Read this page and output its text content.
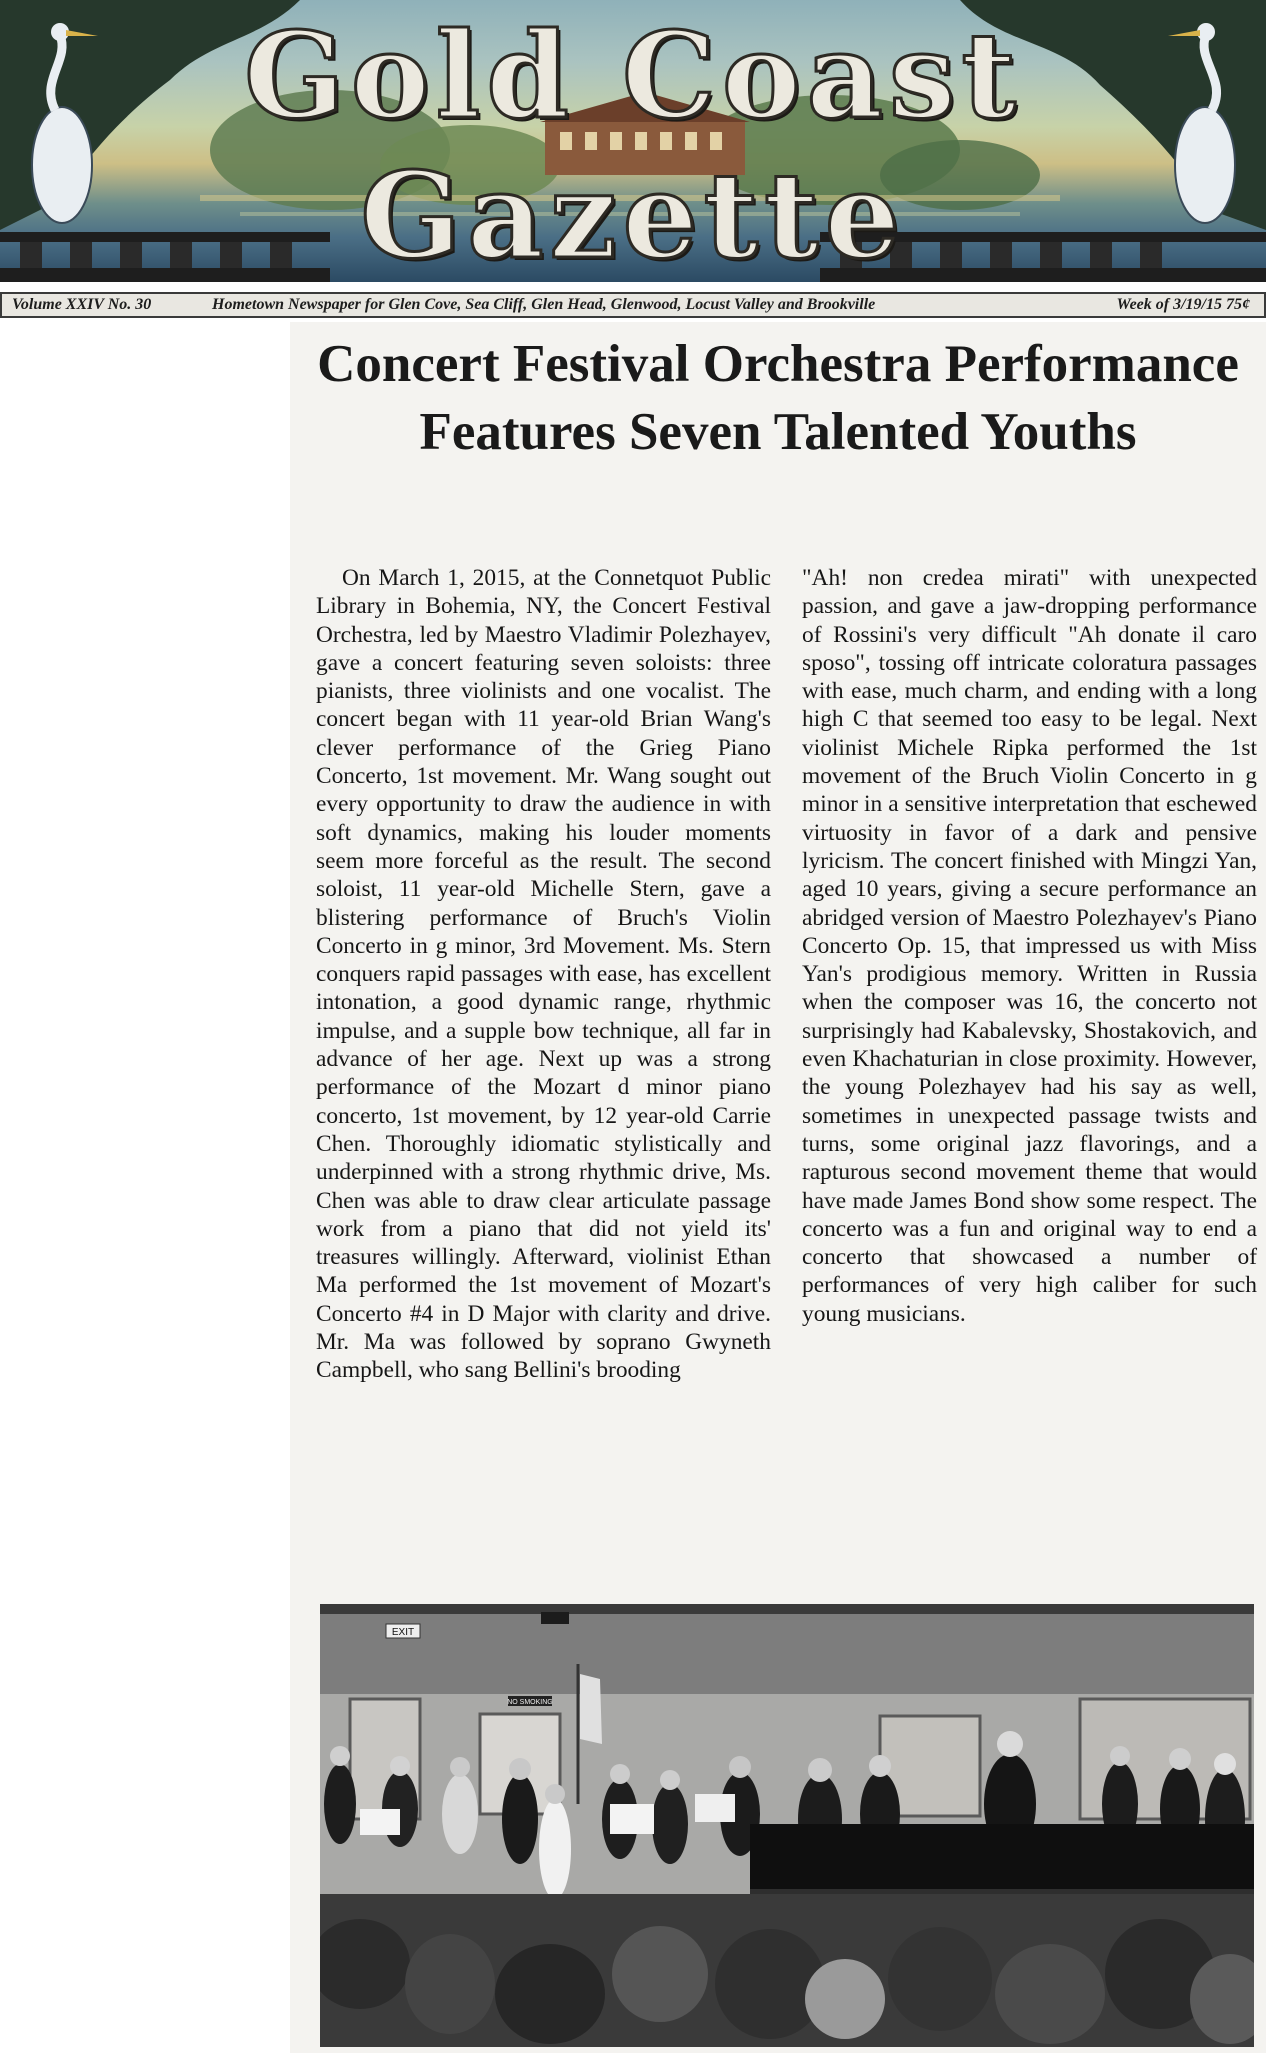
Gold Coast Gazette
Volume XXIV No. 30	Hometown Newspaper for Glen Cove, Sea Cliff, Glen Head, Glenwood, Locust Valley and Brookville	Week of 3/19/15 75¢
Concert Festival Orchestra Performance Features Seven Talented Youths
On March 1, 2015, at the Connetquot Public Library in Bohemia, NY, the Concert Festival Orchestra, led by Maestro Vladimir Polezhayev, gave a concert featuring seven soloists: three pianists, three violinists and one vocalist. The concert began with 11 year-old Brian Wang's clever performance of the Grieg Piano Concerto, 1st movement. Mr. Wang sought out every opportunity to draw the audience in with soft dynamics, making his louder moments seem more forceful as the result. The second soloist, 11 year-old Michelle Stern, gave a blistering performance of Bruch's Violin Concerto in g minor, 3rd Movement. Ms. Stern conquers rapid passages with ease, has excellent intonation, a good dynamic range, rhythmic impulse, and a supple bow technique, all far in advance of her age. Next up was a strong performance of the Mozart d minor piano concerto, 1st movement, by 12 year-old Carrie Chen. Thoroughly idiomatic stylistically and underpinned with a strong rhythmic drive, Ms. Chen was able to draw clear articulate passage work from a piano that did not yield its' treasures willingly. Afterward, violinist Ethan Ma performed the 1st movement of Mozart's Concerto #4 in D Major with clarity and drive. Mr. Ma was followed by soprano Gwyneth Campbell, who sang Bellini's brooding
"Ah! non credea mirati" with unexpected passion, and gave a jaw-dropping performance of Rossini's very difficult "Ah donate il caro sposo", tossing off intricate coloratura passages with ease, much charm, and ending with a long high C that seemed too easy to be legal. Next violinist Michele Ripka performed the 1st movement of the Bruch Violin Concerto in g minor in a sensitive interpretation that eschewed virtuosity in favor of a dark and pensive lyricism. The concert finished with Mingzi Yan, aged 10 years, giving a secure performance an abridged version of Maestro Polezhayev's Piano Concerto Op. 15, that impressed us with Miss Yan's prodigious memory. Written in Russia when the composer was 16, the concerto not surprisingly had Kabalevsky, Shostakovich, and even Khachaturian in close proximity. However, the young Polezhayev had his say as well, sometimes in unexpected passage twists and turns, some original jazz flavorings, and a rapturous second movement theme that would have made James Bond show some respect. The concerto was a fun and original way to end a concerto that showcased a number of performances of very high caliber for such young musicians.
EXIT
NO SMOKING
